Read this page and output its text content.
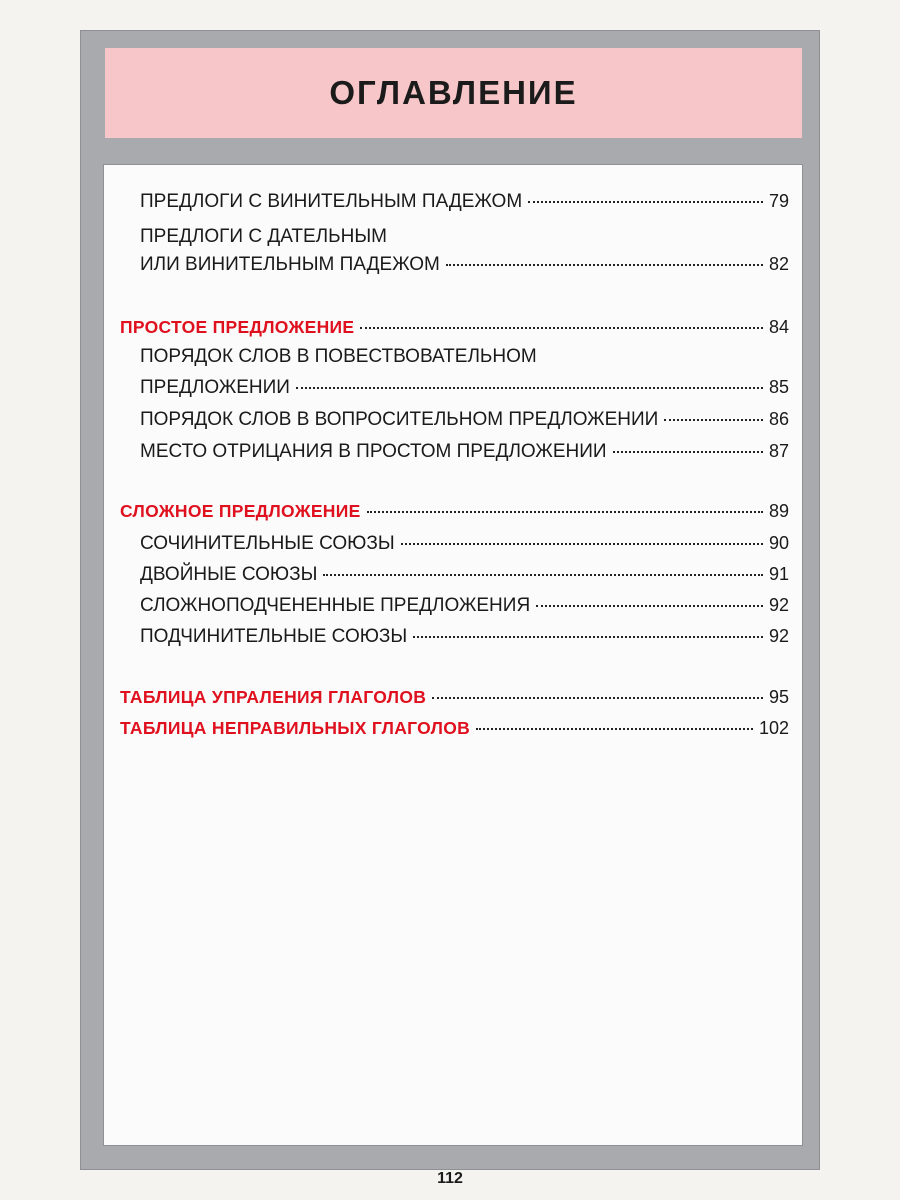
ОГЛАВЛЕНИЕ
ПРЕДЛОГИ С ВИНИТЕЛЬНЫМ ПАДЕЖОМ	79
ПРЕДЛОГИ С ДАТЕЛЬНЫМ
ИЛИ ВИНИТЕЛЬНЫМ ПАДЕЖОМ	82
ПРОСТОЕ ПРЕДЛОЖЕНИЕ	84
ПОРЯДОК СЛОВ В ПОВЕСТВОВАТЕЛЬНОМ
ПРЕДЛОЖЕНИИ	85
ПОРЯДОК СЛОВ В ВОПРОСИТЕЛЬНОМ ПРЕДЛОЖЕНИИ	86
МЕСТО ОТРИЦАНИЯ В ПРОСТОМ ПРЕДЛОЖЕНИИ	87
СЛОЖНОЕ ПРЕДЛОЖЕНИЕ	89
СОЧИНИТЕЛЬНЫЕ СОЮЗЫ	90
ДВОЙНЫЕ СОЮЗЫ	91
СЛОЖНОПОДЧЕНЕННЫЕ ПРЕДЛОЖЕНИЯ	92
ПОДЧИНИТЕЛЬНЫЕ СОЮЗЫ	92
ТАБЛИЦА УПРАЛЕНИЯ ГЛАГОЛОВ	95
ТАБЛИЦА НЕПРАВИЛЬНЫХ ГЛАГОЛОВ	102
112
